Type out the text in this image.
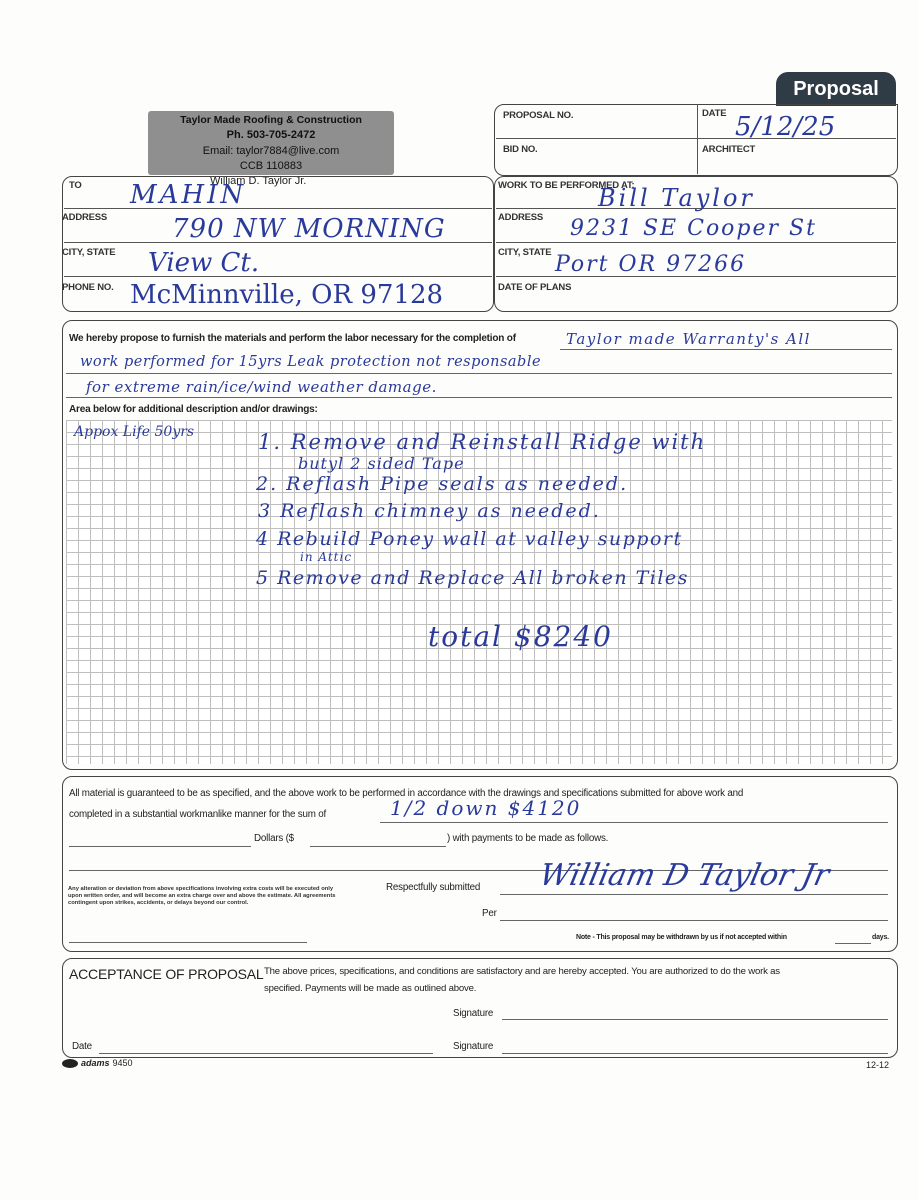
Proposal
Taylor Made Roofing & Construction
Ph. 503-705-2472
Email: taylor7884@live.com
CCB 110883
William D. Taylor Jr.
PROPOSAL NO.	DATE 5/12/25
BID NO.	ARCHITECT
TO MAHIN
ADDRESS 790 NW MORNING
CITY, STATE View Ct.
PHONE NO. McMinnville, OR 97128
WORK TO BE PERFORMED AT:
Bill Taylor
ADDRESS 9231 SE Cooper St
CITY, STATE Port OR 97266
DATE OF PLANS
We hereby propose to furnish the materials and perform the labor necessary for the completion of	Taylor made Warranty's All
work performed for 15yrs Leak protection not responsable
for extreme rain/ice/wind weather damage.
Area below for additional description and/or drawings:
Appox Life 50yrs	1. Remove and Reinstall Ridge with
butyl 2 sided Tape
2. Reflash Pipe seals as needed.
3 Reflash chimney as needed.
4 Rebuild Poney wall at valley support
in Attic
5 Remove and Replace All broken Tiles
total $8240
All material is guaranteed to be as specified, and the above work to be performed in accordance with the drawings and specifications submitted for above work and
completed in a substantial workmanlike manner for the sum of	1/2 down $4120
Dollars ($	) with payments to be made as follows.
Any alteration or deviation from above specifications involving extra costs will be executed only upon written order, and will become an extra charge over and above the estimate. All agreements contingent upon strikes, accidents, or delays beyond our control.
Respectfully submitted William D Taylor Jr
Per
Note - This proposal may be withdrawn by us if not accepted within	days.
ACCEPTANCE OF PROPOSAL The above prices, specifications, and conditions are satisfactory and are hereby accepted. You are authorized to do the work as
specified. Payments will be made as outlined above.
Signature
Date	Signature
adams 9450	12-12
